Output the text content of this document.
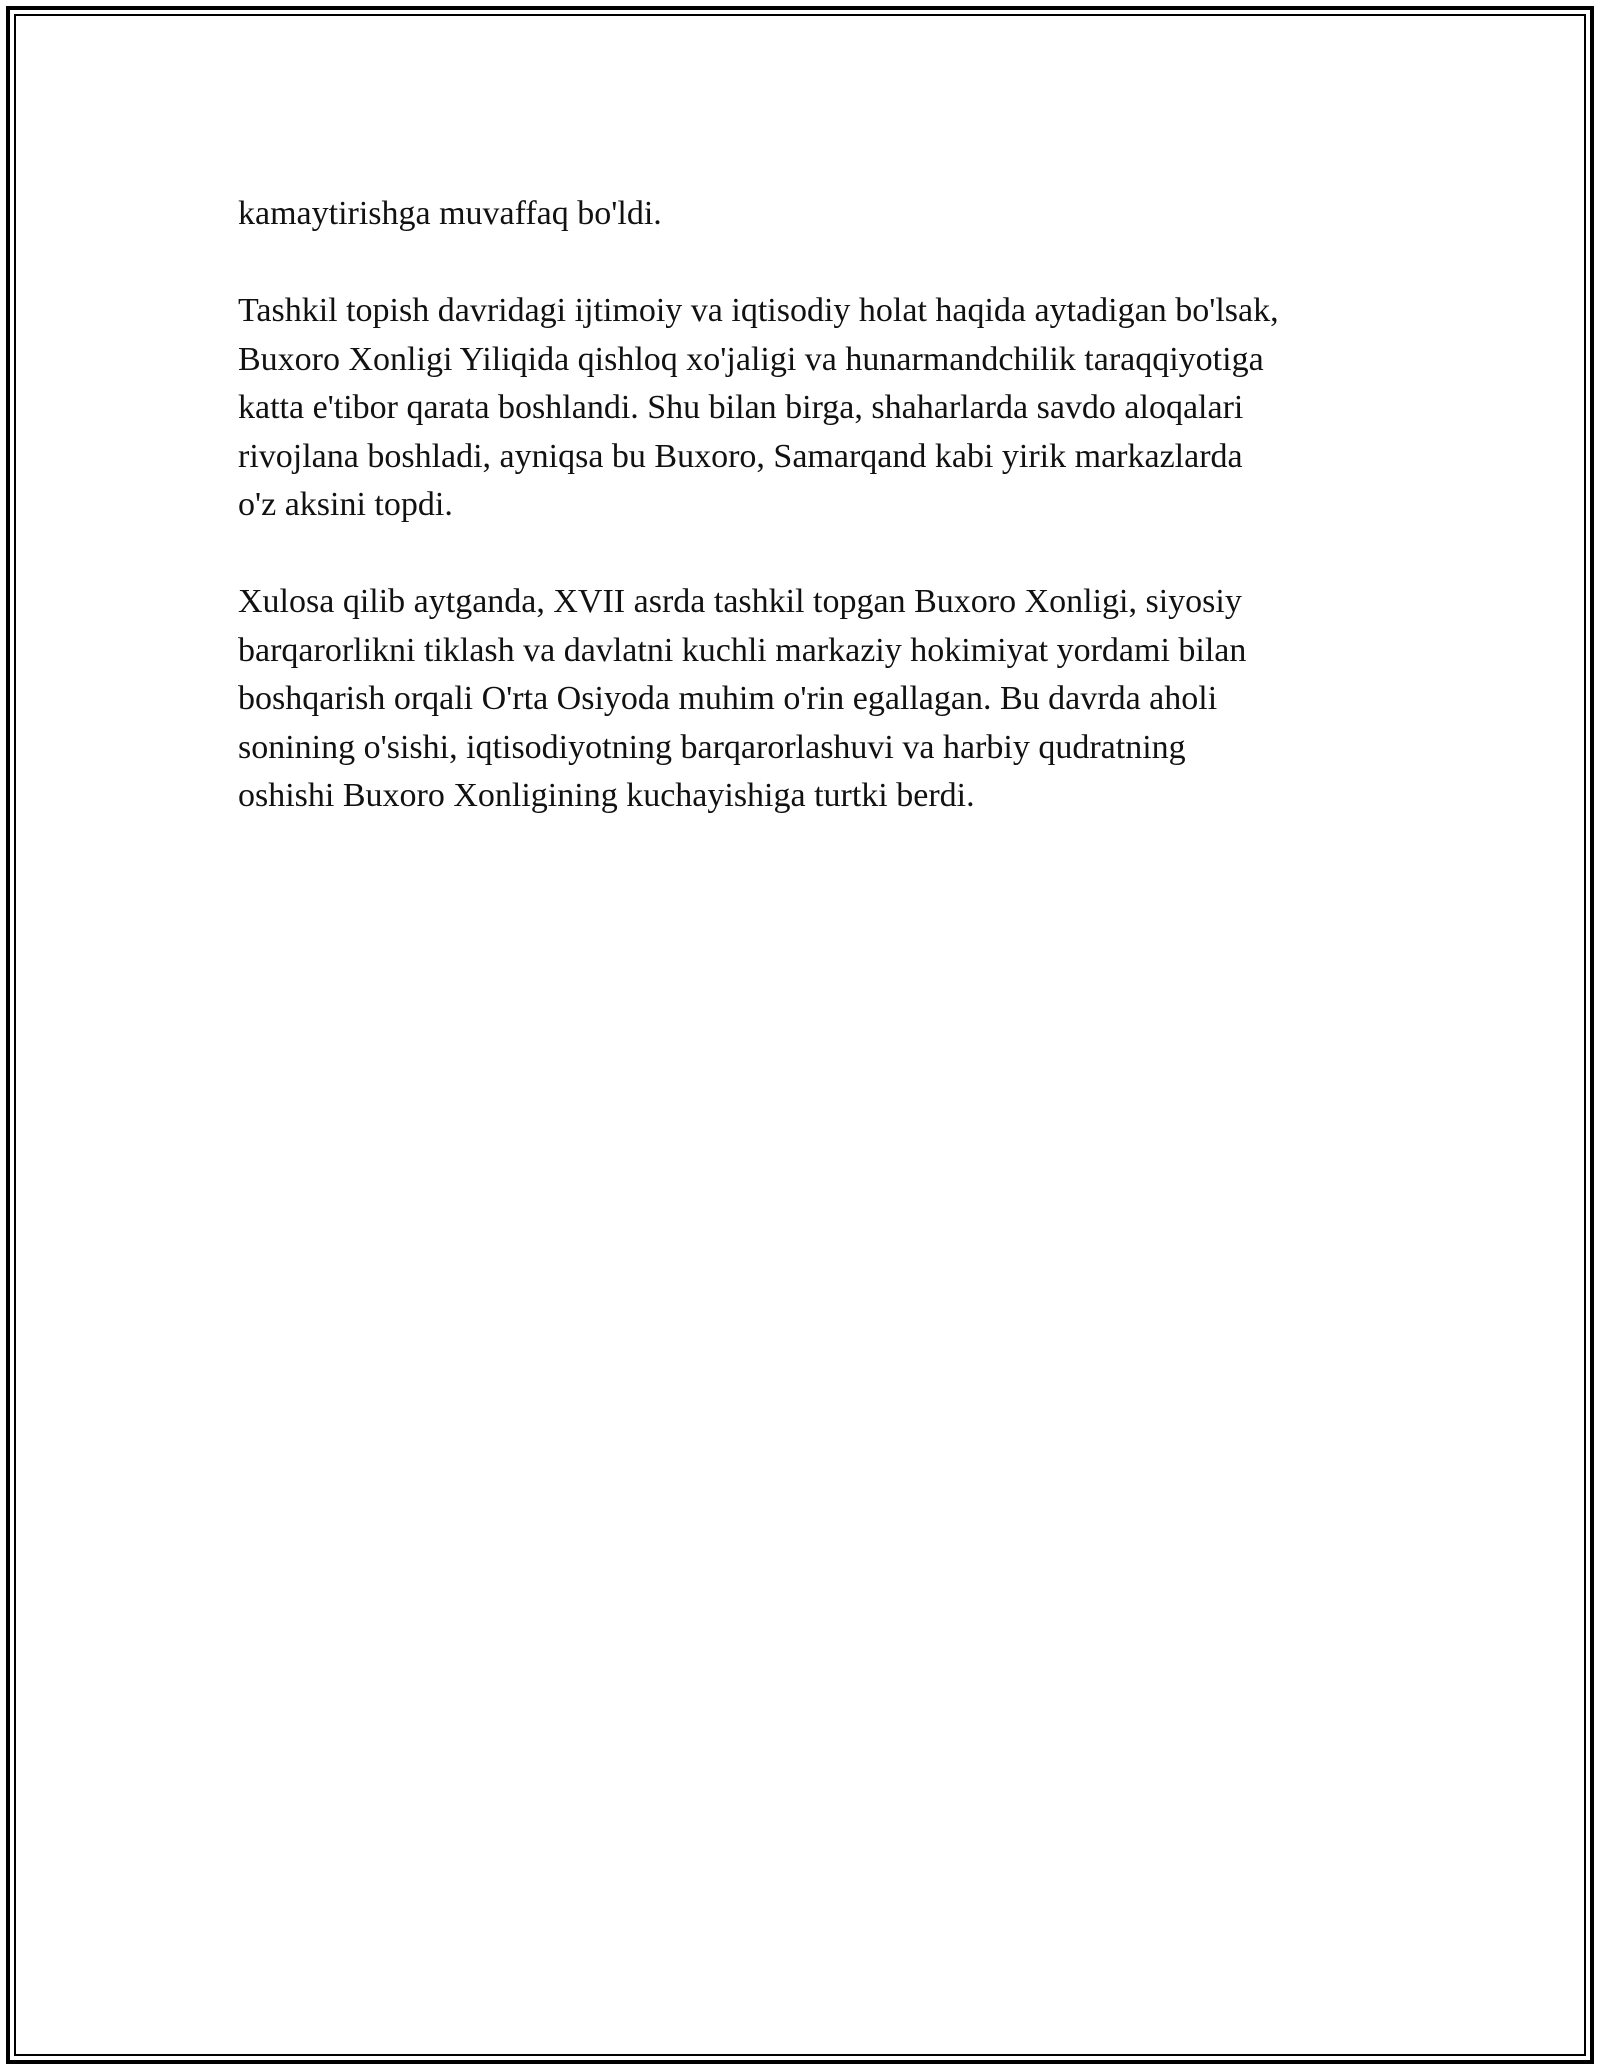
kamaytirishga muvaffaq bo'ldi.

Tashkil topish davridagi ijtimoiy va iqtisodiy holat haqida aytadigan bo'lsak,
Buxoro Xonligi Yiliqida qishloq xo'jaligi va hunarmandchilik taraqqiyotiga
katta e'tibor qarata boshlandi. Shu bilan birga, shaharlarda savdo aloqalari
rivojlana boshladi, ayniqsa bu Buxoro, Samarqand kabi yirik markazlarda
o'z aksini topdi.

Xulosa qilib aytganda, XVII asrda tashkil topgan Buxoro Xonligi, siyosiy
barqarorlikni tiklash va davlatni kuchli markaziy hokimiyat yordami bilan
boshqarish orqali O'rta Osiyoda muhim o'rin egallagan. Bu davrda aholi
sonining o'sishi, iqtisodiyotning barqarorlashuvi va harbiy qudratning
oshishi Buxoro Xonligining kuchayishiga turtki berdi.
